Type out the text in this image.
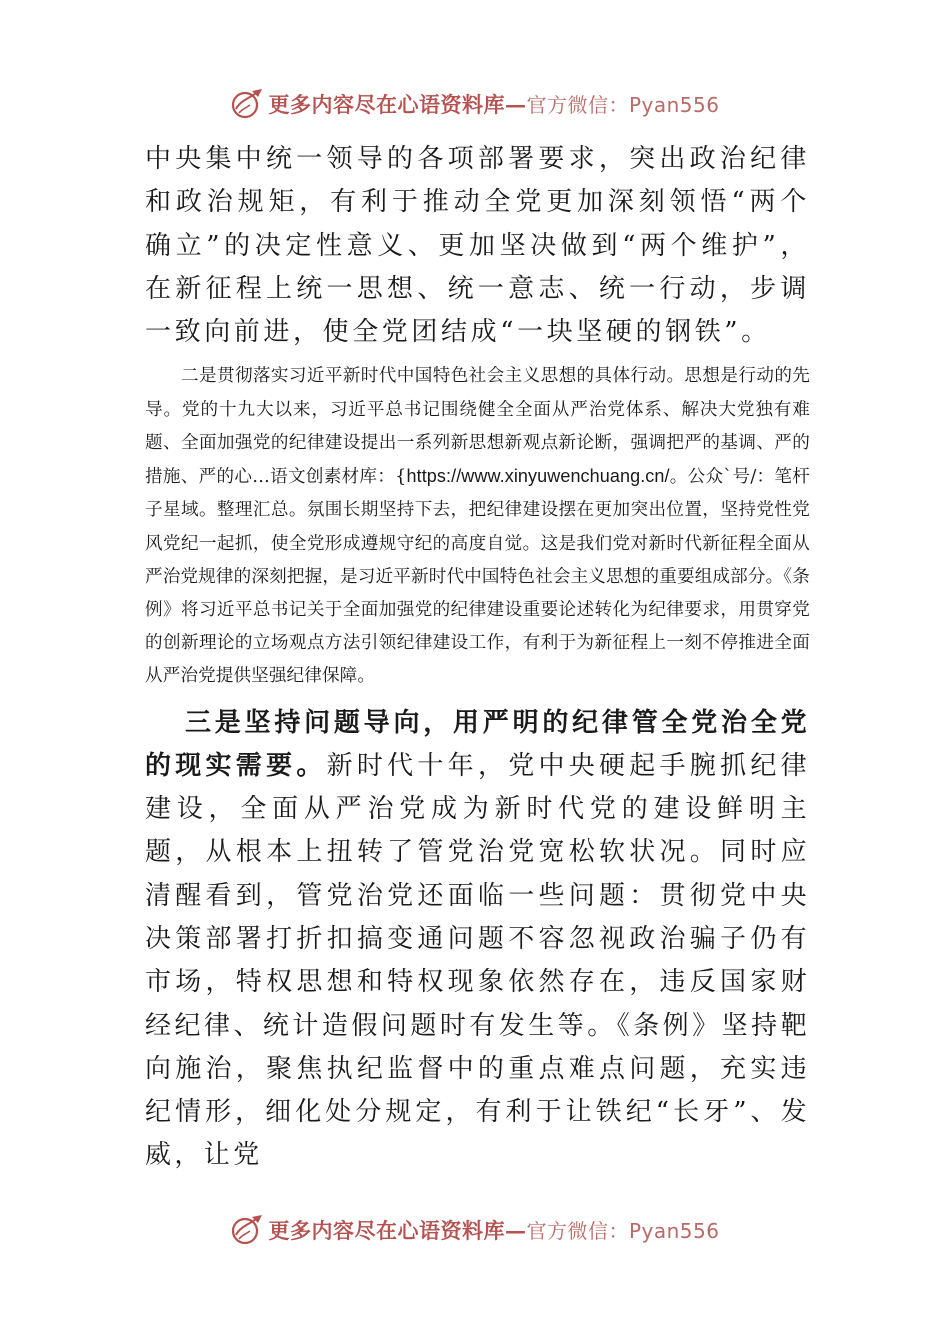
更多内容尽在心语资料库—官方微信：Pyan556

中央集中统一领导的各项部署要求，突出政治纪律和政治规矩，有利于推动全党更加深刻领悟“两个确立”的决定性意义、更加坚决做到“两个维护”，在新征程上统一思想、统一意志、统一行动，步调一致向前进，使全党团结成“一块坚硬的钢铁”。

二是贯彻落实习近平新时代中国特色社会主义思想的具体行动。思想是行动的先导。党的十九大以来，习近平总书记围绕健全全面从严治党体系、解决大党独有难题、全面加强党的纪律建设提出一系列新思想新观点新论断，强调把严的基调、严的措施、严的心…语文创素材库：{https://www.xinyuwenchuang.cn/。公众`号/：笔杆子星域。整理汇总。氛围长期坚持下去，把纪律建设摆在更加突出位置，坚持党性党风党纪一起抓，使全党形成遵规守纪的高度自觉。这是我们党对新时代新征程全面从严治党规律的深刻把握，是习近平新时代中国特色社会主义思想的重要组成部分。《条例》将习近平总书记关于全面加强党的纪律建设重要论述转化为纪律要求，用贯穿党的创新理论的立场观点方法引领纪律建设工作，有利于为新征程上一刻不停推进全面从严治党提供坚强纪律保障。

三是坚持问题导向，用严明的纪律管全党治全党的现实需要。新时代十年，党中央硬起手腕抓纪律建设，全面从严治党成为新时代党的建设鲜明主题，从根本上扭转了管党治党宽松软状况。同时应清醒看到，管党治党还面临一些问题：贯彻党中央决策部署打折扣搞变通问题不容忽视政治骗子仍有市场，特权思想和特权现象依然存在，违反国家财经纪律、统计造假问题时有发生等。《条例》坚持靶向施治，聚焦执纪监督中的重点难点问题，充实违纪情形，细化处分规定，有利于让铁纪“长牙”、发威，让党

更多内容尽在心语资料库—官方微信：Pyan556
